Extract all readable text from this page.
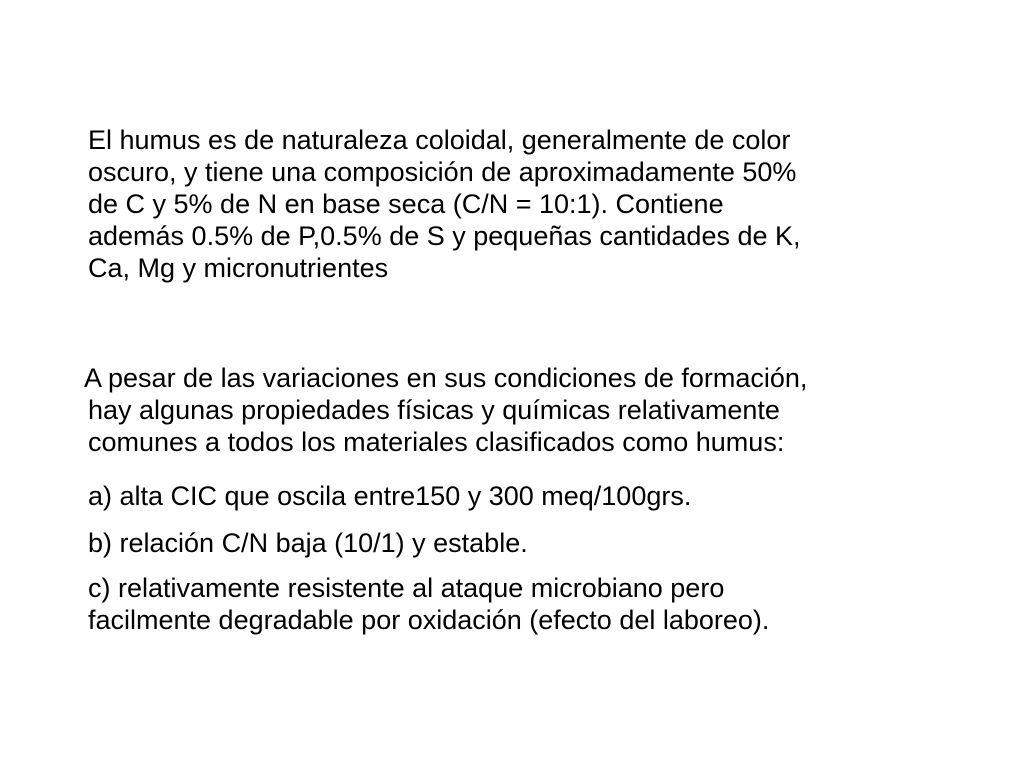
El humus es de naturaleza coloidal, generalmente de color
oscuro, y tiene una composición de aproximadamente 50%
de C y 5% de N en base seca (C/N = 10:1). Contiene
además 0.5% de P,0.5% de S y pequeñas cantidades de K,
Ca, Mg y micronutrientes

A pesar de las variaciones en sus condiciones de formación,
hay algunas propiedades físicas y químicas relativamente
comunes a todos los materiales clasificados como humus:

a) alta CIC que oscila entre150 y 300 meq/100grs.

b) relación C/N baja (10/1) y estable.

c) relativamente resistente al ataque microbiano pero
facilmente degradable por oxidación (efecto del laboreo).
